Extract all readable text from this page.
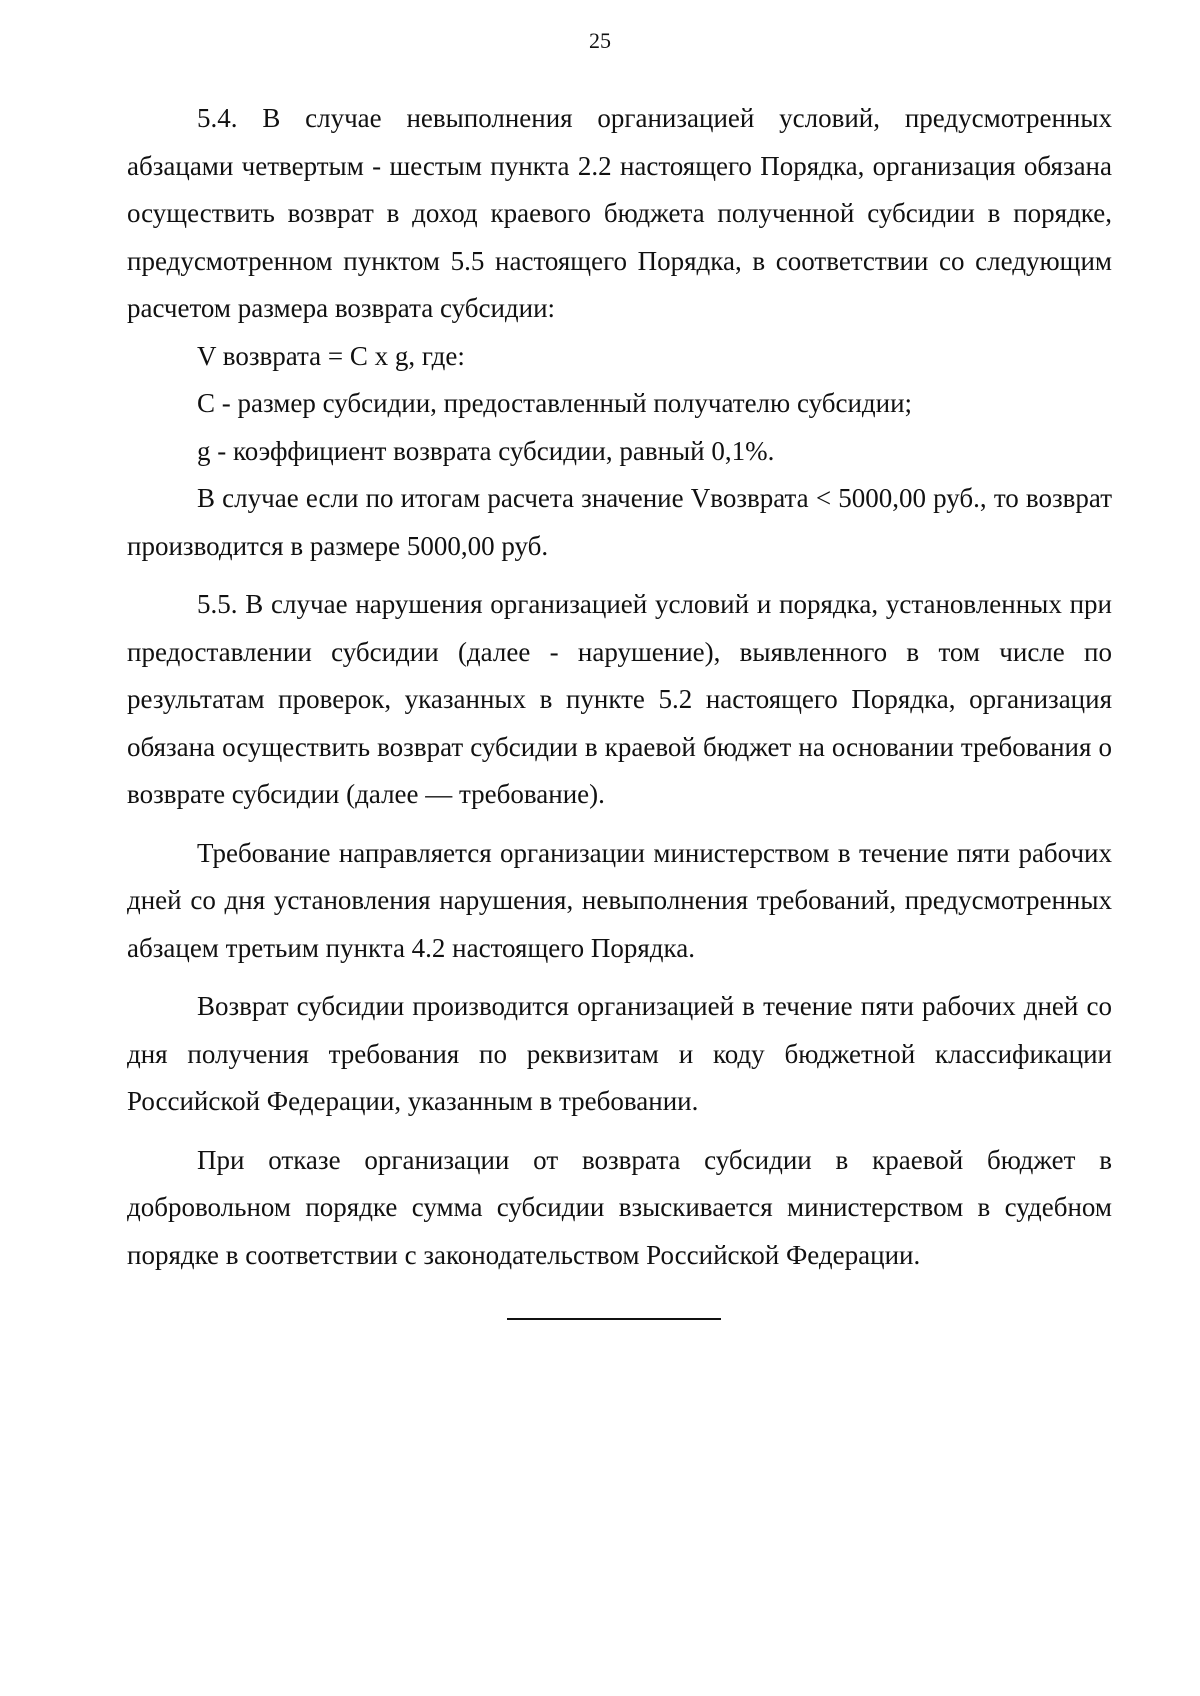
25

5.4. В случае невыполнения организацией условий, предусмотренных абзацами четвертым - шестым пункта 2.2 настоящего Порядка, организация обязана осуществить возврат в доход краевого бюджета полученной субсидии в порядке, предусмотренном пунктом 5.5 настоящего Порядка, в соответствии со следующим расчетом размера возврата субсидии:

V возврата = С х g, где:

С - размер субсидии, предоставленный получателю субсидии;

g - коэффициент возврата субсидии, равный 0,1%.

В случае если по итогам расчета значение Vвозврата < 5000,00 руб., то возврат производится в размере 5000,00 руб.

5.5. В случае нарушения организацией условий и порядка, установленных при предоставлении субсидии (далее - нарушение), выявленного в том числе по результатам проверок, указанных в пункте 5.2 настоящего Порядка, организация обязана осуществить возврат субсидии в краевой бюджет на основании требования о возврате субсидии (далее — требование).

Требование направляется организации министерством в течение пяти рабочих дней со дня установления нарушения, невыполнения требований, предусмотренных абзацем третьим пункта 4.2 настоящего Порядка.

Возврат субсидии производится организацией в течение пяти рабочих дней со дня получения требования по реквизитам и коду бюджетной классификации Российской Федерации, указанным в требовании.

При отказе организации от возврата субсидии в краевой бюджет в добровольном порядке сумма субсидии взыскивается министерством в судебном порядке в соответствии с законодательством Российской Федерации.
